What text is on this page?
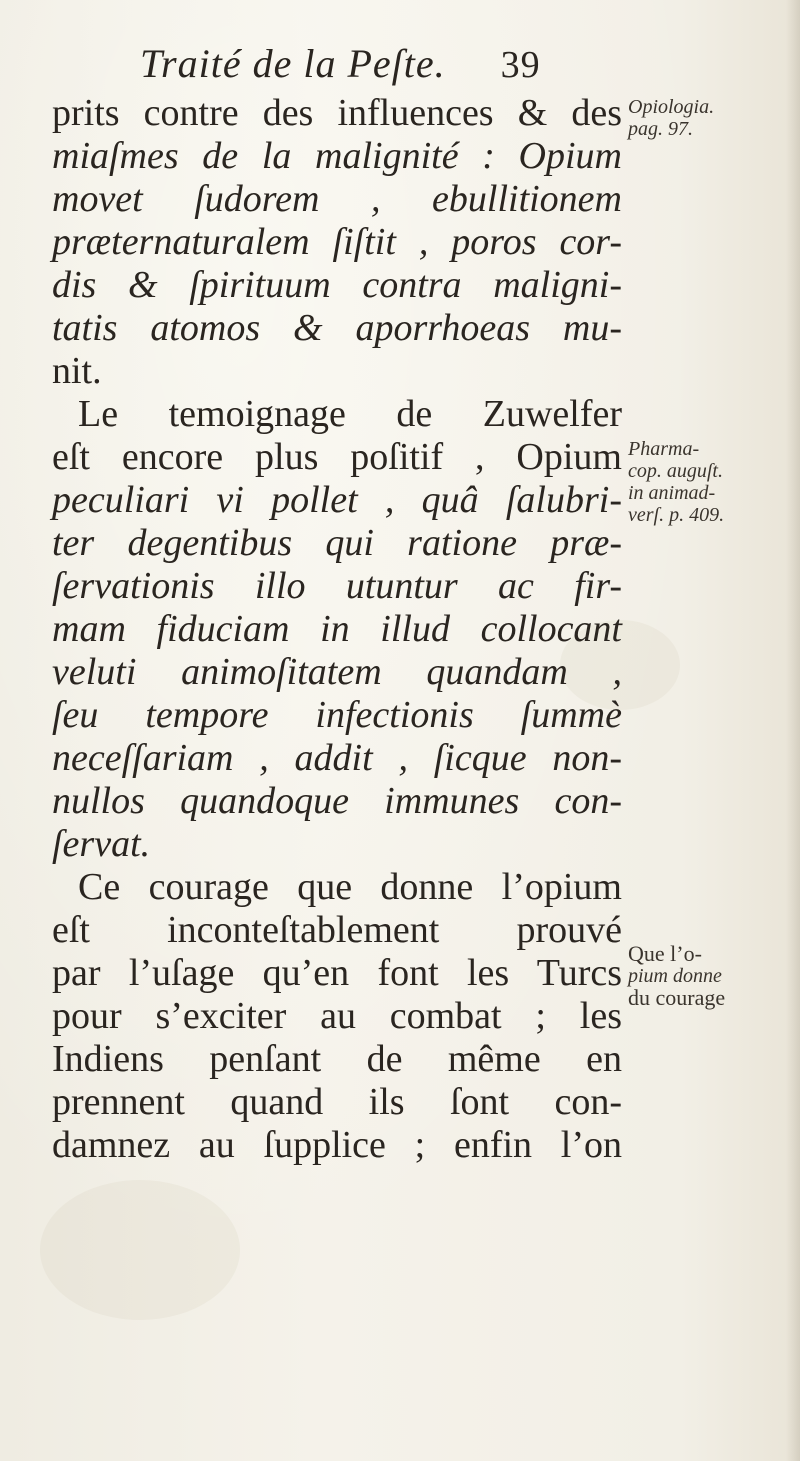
Traité de la Peſte. 39
prits contre des influences & des
miaſmes de la malignité : Opium
movet ſudorem , ebullitionem
præternaturalem ſiſtit , poros cor-
dis & ſpirituum contra maligni-
tatis atomos & aporrhoeas mu-
nit.
Le temoignage de Zuwelfer
eſt encore plus poſitif , Opium
peculiari vi pollet , quâ ſalubri-
ter degentibus qui ratione præ-
ſervationis illo utuntur ac fir-
mam fiduciam in illud collocant
veluti animoſitatem quandam ,
ſeu tempore infectionis ſummè
neceſſariam , addit , ſicque non-
nullos quandoque immunes con-
ſervat.
Ce courage que donne l’opium
eſt inconteſtablement prouvé
par l’uſage qu’en font les Turcs
pour s’exciter au combat ; les
Indiens penſant de même en
prennent quand ils ſont con-
damnez au ſupplice ; enfin l’on
Opiologia.
pag. 97.
Pharma-
cop. auguſt.
in animad-
verſ. p. 409.
Que l’o-
pium donne
du courage
